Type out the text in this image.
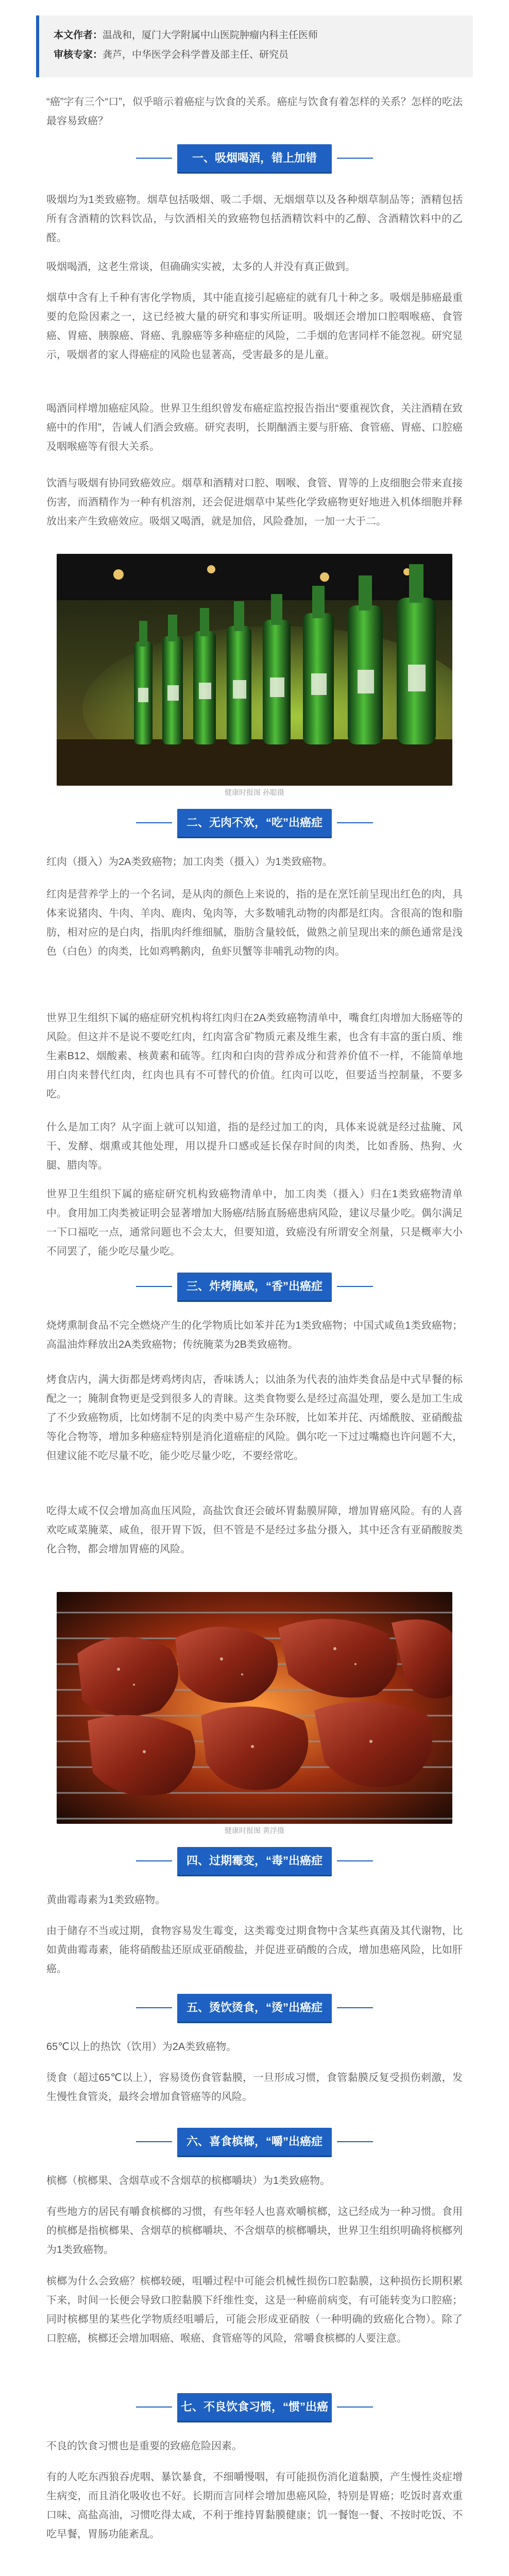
本文作者：温战和，厦门大学附属中山医院肿瘤内科主任医师
审核专家：龚芦，中华医学会科学普及部主任、研究员
“癌”字有三个“口”，似乎暗示着癌症与饮食的关系。癌症与饮食有着怎样的关系？怎样的吃法最容易致癌？
一、吸烟喝酒，错上加错
吸烟均为1类致癌物。烟草包括吸烟、吸二手烟、无烟烟草以及各种烟草制品等；酒精包括所有含酒精的饮料饮品，与饮酒相关的致癌物包括酒精饮料中的乙醇、含酒精饮料中的乙醛。
吸烟喝酒，这老生常谈，但确确实实被，太多的人并没有真正做到。
烟草中含有上千种有害化学物质，其中能直接引起癌症的就有几十种之多。吸烟是肺癌最重要的危险因素之一，这已经被大量的研究和事实所证明。吸烟还会增加口腔咽喉癌、食管癌、胃癌、胰腺癌、肾癌、乳腺癌等多种癌症的风险，二手烟的危害同样不能忽视。研究显示，吸烟者的家人得癌症的风险也显著高，受害最多的是儿童。
喝酒同样增加癌症风险。世界卫生组织曾发布癌症监控报告指出“要重视饮食，关注酒精在致癌中的作用”，告诫人们酒会致癌。研究表明，长期酗酒主要与肝癌、食管癌、胃癌、口腔癌及咽喉癌等有很大关系。
饮酒与吸烟有协同致癌效应。烟草和酒精对口腔、咽喉、食管、胃等的上皮细胞会带来直接伤害，而酒精作为一种有机溶剂，还会促进烟草中某些化学致癌物更好地进入机体细胞并释放出来产生致癌效应。吸烟又喝酒，就是加倍，风险叠加，一加一大于二。
健康时报图 孙聪摄
二、无肉不欢，“吃”出癌症
红肉（摄入）为2A类致癌物；加工肉类（摄入）为1类致癌物。
红肉是营养学上的一个名词，是从肉的颜色上来说的，指的是在烹饪前呈现出红色的肉，具体来说猪肉、牛肉、羊肉、鹿肉、兔肉等，大多数哺乳动物的肉都是红肉。含很高的饱和脂肪，相对应的是白肉，指肌肉纤维细腻，脂肪含量较低，做熟之前呈现出来的颜色通常是浅色（白色）的肉类，比如鸡鸭鹅肉，鱼虾贝蟹等非哺乳动物的肉。
世界卫生组织下属的癌症研究机构将红肉归在2A类致癌物清单中，嘴食红肉增加大肠癌等的风险。但这并不是说不要吃红肉，红肉富含矿物质元素及维生素，也含有丰富的蛋白质、维生素B12、烟酸素、核黄素和硫等。红肉和白肉的营养成分和营养价值不一样，不能简单地用白肉来替代红肉，红肉也具有不可替代的价值。红肉可以吃，但要适当控制量，不要多吃。
什么是加工肉？从字面上就可以知道，指的是经过加工的肉，具体来说就是经过盐腌、风干、发酵、烟熏或其他处理，用以提升口感或延长保存时间的肉类，比如香肠、热狗、火腿、腊肉等。
世界卫生组织下属的癌症研究机构致癌物清单中，加工肉类（摄入）归在1类致癌物清单中。食用加工肉类被证明会显著增加大肠癌/结肠直肠癌患病风险，建议尽量少吃。偶尔满足一下口福吃一点，通常问题也不会太大，但要知道，致癌没有所谓安全剂量，只是概率大小不同罢了，能少吃尽量少吃。
三、炸烤腌咸，“香”出癌症
烧烤熏制食品不完全燃烧产生的化学物质比如苯并芘为1类致癌物；中国式咸鱼1类致癌物；高温油炸释放出2A类致癌物；传统腌菜为2B类致癌物。
烤食店内，满大街都是烤鸡烤肉店，香味诱人；以油条为代表的油炸类食品是中式早餐的标配之一；腌制食物更是受到很多人的青睐。这类食物要么是经过高温处理，要么是加工生成了不少致癌物质，比如烤制不足的肉类中易产生杂环胺，比如苯并芘、丙烯酰胺、亚硝酸盐等化合物等，增加多种癌症特别是消化道癌症的风险。偶尔吃一下过过嘴瘾也许问题不大，但建议能不吃尽量不吃，能少吃尽量少吃，不要经常吃。
吃得太咸不仅会增加高血压风险，高盐饮食还会破坏胃黏膜屏障，增加胃癌风险。有的人喜欢吃咸菜腌菜、咸鱼，很开胃下饭，但不管是不是经过多盐分摄入，其中还含有亚硝酸胺类化合物，都会增加胃癌的风险。
健康时报图 黄浮摄
四、过期霉变，“毒”出癌症
黄曲霉毒素为1类致癌物。
由于储存不当或过期，食物容易发生霉变，这类霉变过期食物中含某些真菌及其代谢物，比如黄曲霉毒素，能将硝酸盐还原成亚硝酸盐，并促进亚硝酸的合成，增加患癌风险，比如肝癌。
五、烫饮烫食，“烫”出癌症
65℃以上的热饮（饮用）为2A类致癌物。
烫食（超过65℃以上），容易烫伤食管黏膜，一旦形成习惯，食管黏膜反复受损伤刺激，发生慢性食管炎，最终会增加食管癌等的风险。
六、喜食槟榔，“嚼”出癌症
槟榔（槟榔果、含烟草或不含烟草的槟榔嚼块）为1类致癌物。
有些地方的居民有嚼食槟榔的习惯，有些年轻人也喜欢嚼槟榔，这已经成为一种习惯。食用的槟榔是指槟榔果、含烟草的槟榔嚼块、不含烟草的槟榔嚼块，世界卫生组织明确将槟榔列为1类致癌物。
槟榔为什么会致癌？槟榔较硬，咀嚼过程中可能会机械性损伤口腔黏膜，这种损伤长期积累下来，时间一长便会导致口腔黏膜下纤维性变，这是一种癌前病变，有可能转变为口腔癌；同时槟榔里的某些化学物质经咀嚼后，可能会形成亚硝胺（一种明确的致癌化合物）。除了口腔癌，槟榔还会增加咽癌、喉癌、食管癌等的风险，常嚼食槟榔的人要注意。
七、不良饮食习惯，“惯”出癌症
不良的饮食习惯也是重要的致癌危险因素。
有的人吃东西狼吞虎咽、暴饮暴食，不细嚼慢咽，有可能损伤消化道黏膜，产生慢性炎症增生病变，而且消化吸收也不好。长期而言同样会增加患癌风险，特别是胃癌；吃饭时喜欢重口味、高盐高油，习惯吃得太咸，不利于维持胃黏膜健康；饥一餐饱一餐、不按时吃饭、不吃早餐，胃肠功能紊乱。
